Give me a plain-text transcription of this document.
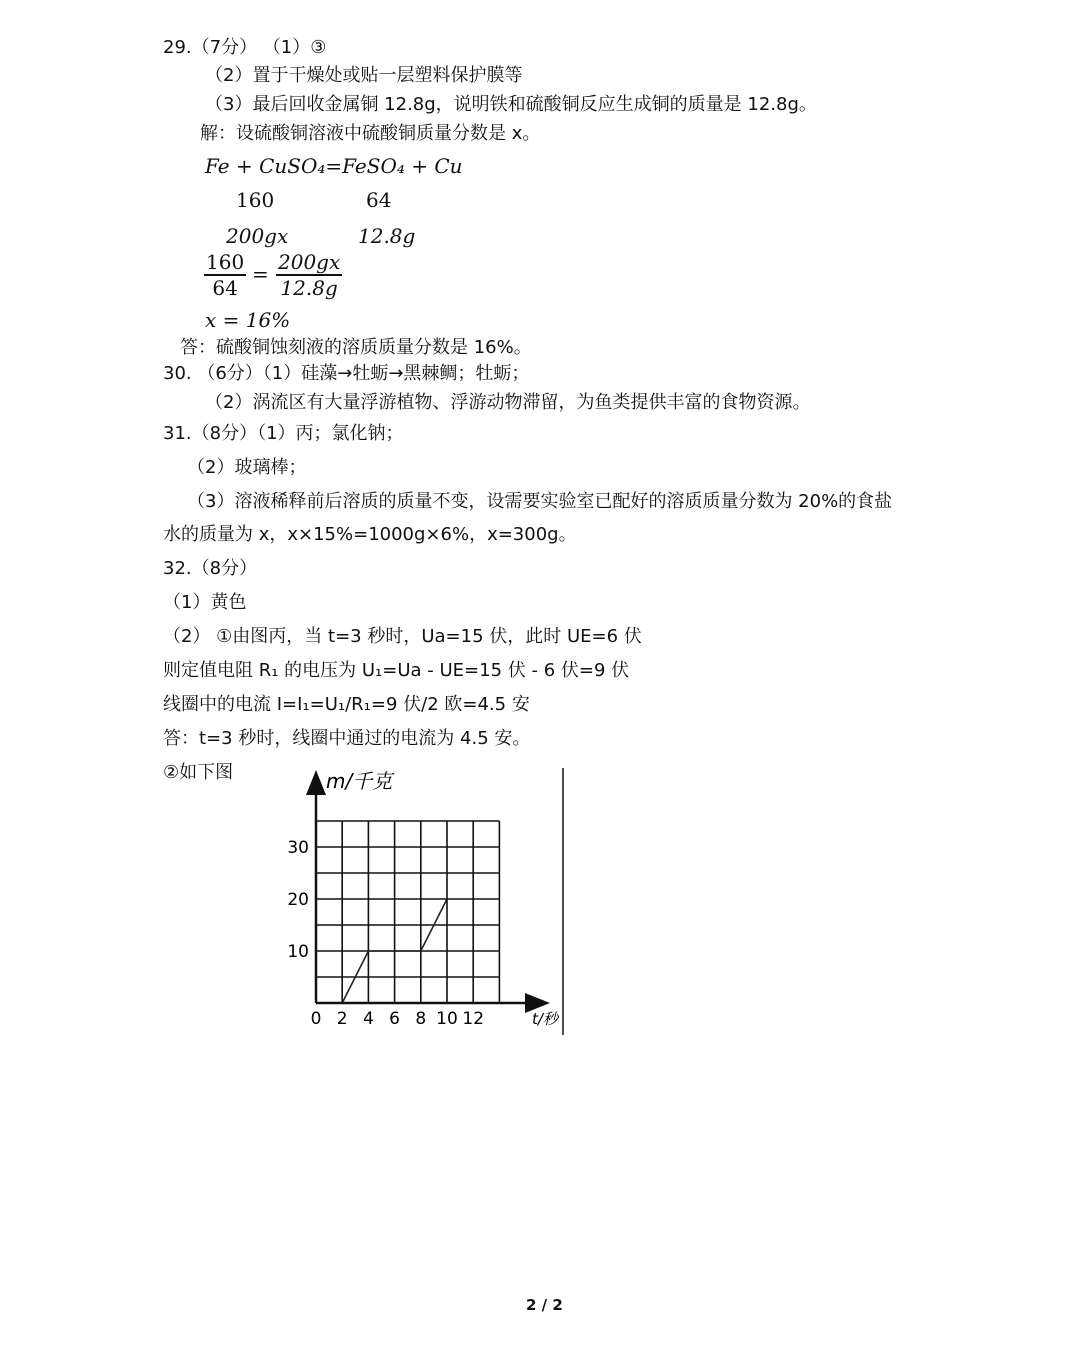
29.（7分） （1）③
（2）置于干燥处或贴一层塑料保护膜等
（3）最后回收金属铜 12.8g，说明铁和硫酸铜反应生成铜的质量是 12.8g。
解：设硫酸铜溶液中硫酸铜质量分数是 x。
Fe + CuSO₄=FeSO₄ + Cu
160	64
200gx	12.8g
$\frac{160}{64} = \frac{200gx}{12.8g}$
x = 16%
答：硫酸铜蚀刻液的溶质质量分数是 16%。
30. （6分）（1）硅藻→牡蛎→黑棘鲷；牡蛎；
（2）涡流区有大量浮游植物、浮游动物滞留，为鱼类提供丰富的食物资源。
31.（8分）（1）丙；氯化钠；
（2）玻璃棒；
（3）溶液稀释前后溶质的质量不变，设需要实验室已配好的溶质质量分数为 20%的食盐
水的质量为 x，x×15%=1000g×6%，x=300g。
32.（8分）
（1）黄色
（2） ①由图丙，当 t=3 秒时，Ua=15 伏，此时 UE=6 伏
则定值电阻 R₁ 的电压为 U₁=Ua - UE=15 伏 - 6 伏=9 伏
线圈中的电流 I=I₁=U₁/R₁=9 伏/2 欧=4.5 安
答：t=3 秒时，线圈中通过的电流为 4.5 安。
②如下图	m/千克
t/秒
0 2 4 6 8 10 12
10
20
30
2 / 2
